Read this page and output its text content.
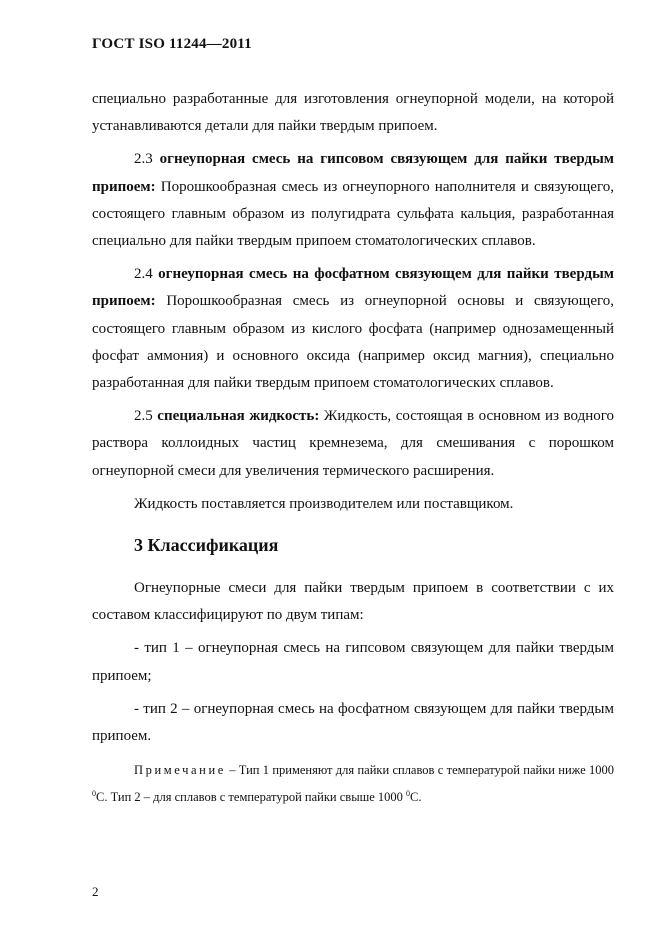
ГОСТ ISO 11244—2011

специально разработанные для изготовления огнеупорной модели, на которой устанавливаются детали для пайки твердым припоем.

2.3 огнеупорная смесь на гипсовом связующем для пайки твердым припоем: Порошкообразная смесь из огнеупорного наполнителя и связующего, состоящего главным образом из полугидрата сульфата кальция, разработанная специально для пайки твердым припоем стоматологических сплавов.

2.4 огнеупорная смесь на фосфатном связующем для пайки твердым припоем: Порошкообразная смесь из огнеупорной основы и связующего, состоящего главным образом из кислого фосфата (например однозамещенный фосфат аммония) и основного оксида (например оксид магния), специально разработанная для пайки твердым припоем стоматологических сплавов.

2.5 специальная жидкость: Жидкость, состоящая в основном из водного раствора коллоидных частиц кремнезема, для смешивания с порошком огнеупорной смеси для увеличения термического расширения.

Жидкость поставляется производителем или поставщиком.

3 Классификация

Огнеупорные смеси для пайки твердым припоем в соответствии с их составом классифицируют по двум типам:

- тип 1 – огнеупорная смесь на гипсовом связующем для пайки твердым припоем;

- тип 2 – огнеупорная смесь на фосфатном связующем для пайки твердым припоем.

Примечание – Тип 1 применяют для пайки сплавов с температурой пайки ниже 1000 $^0$С. Тип 2 – для сплавов с температурой пайки свыше 1000 $^0$С.

2
